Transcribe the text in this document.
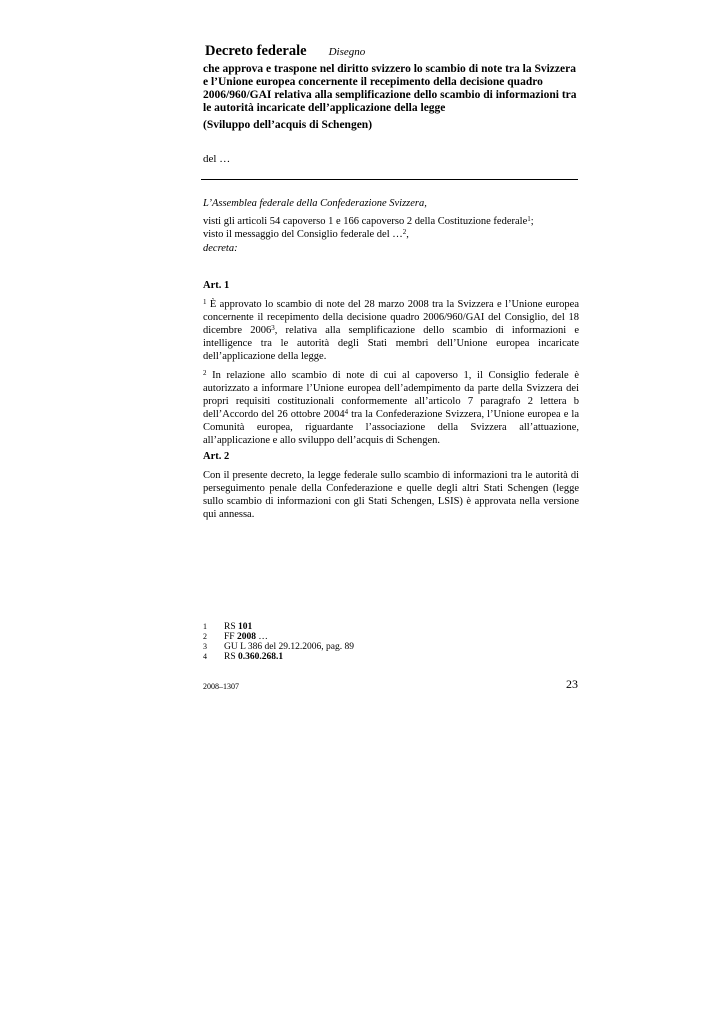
Decreto federale Disegno
che approva e traspone nel diritto svizzero lo scambio di note tra la Svizzera e l’Unione europea concernente il recepimento della decisione quadro 2006/960/GAI relativa alla semplificazione dello scambio di informazioni tra le autorità incaricate dell’applicazione della legge
(Sviluppo dell’acquis di Schengen)
del …
L’Assemblea federale della Confederazione Svizzera,
visti gli articoli 54 capoverso 1 e 166 capoverso 2 della Costituzione federale$^1$;
visto il messaggio del Consiglio federale del …$^2$,
decreta:
Art. 1

$^1$ È approvato lo scambio di note del 28 marzo 2008 tra la Svizzera e l’Unione europea concernente il recepimento della decisione quadro 2006/960/GAI del Consiglio, del 18 dicembre 2006$^3$, relativa alla semplificazione dello scambio di informazioni e intelligence tra le autorità degli Stati membri dell’Unione europea incaricate dell’applicazione della legge.

$^2$ In relazione allo scambio di note di cui al capoverso 1, il Consiglio federale è autorizzato a informare l’Unione europea dell’adempimento da parte della Svizzera dei propri requisiti costituzionali conformemente all’articolo 7 paragrafo 2 lettera b dell’Accordo del 26 ottobre 2004$^4$ tra la Confederazione Svizzera, l’Unione europea e la Comunità europea, riguardante l’associazione della Svizzera all’attuazione, all’applicazione e allo sviluppo dell’acquis di Schengen.

Art. 2

Con il presente decreto, la legge federale sullo scambio di informazioni tra le autorità di perseguimento penale della Confederazione e quelle degli altri Stati Schengen (legge sullo scambio di informazioni con gli Stati Schengen, LSIS) è approvata nella versione qui annessa.

1	RS 101
2	FF 2008 …
3	GU L 386 del 29.12.2006, pag. 89
4	RS 0.360.268.1
2008–1307	23
